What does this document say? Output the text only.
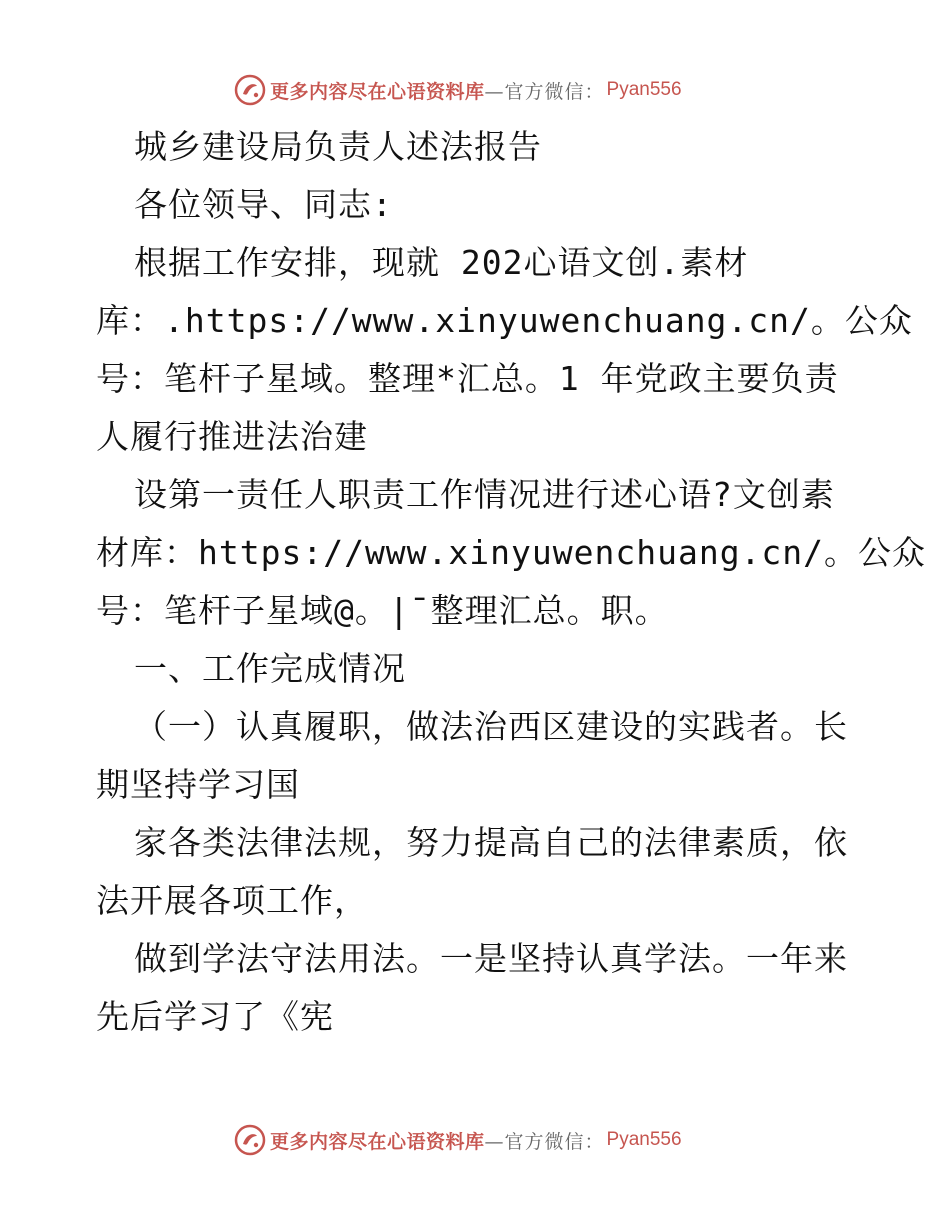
更多内容尽在心语资料库 —官方微信： Pyan556
城乡建设局负责人述法报告
各位领导、同志:
根据工作安排，现就 202心语文创.素材
库：.https://www.xinyuwenchuang.cn/。公众
号：笔杆子星域。整理*汇总。1 年党政主要负责
人履行推进法治建
设第一责任人职责工作情况进行述心语?文创素
材库：https://www.xinyuwenchuang.cn/。公众
号：笔杆子星域@。|¯整理汇总。职。
一、工作完成情况
（一）认真履职，做法治西区建设的实践者。长
期坚持学习国
家各类法律法规，努力提高自己的法律素质，依
法开展各项工作，
做到学法守法用法。一是坚持认真学法。一年来
先后学习了《宪
更多内容尽在心语资料库 —官方微信： Pyan556
